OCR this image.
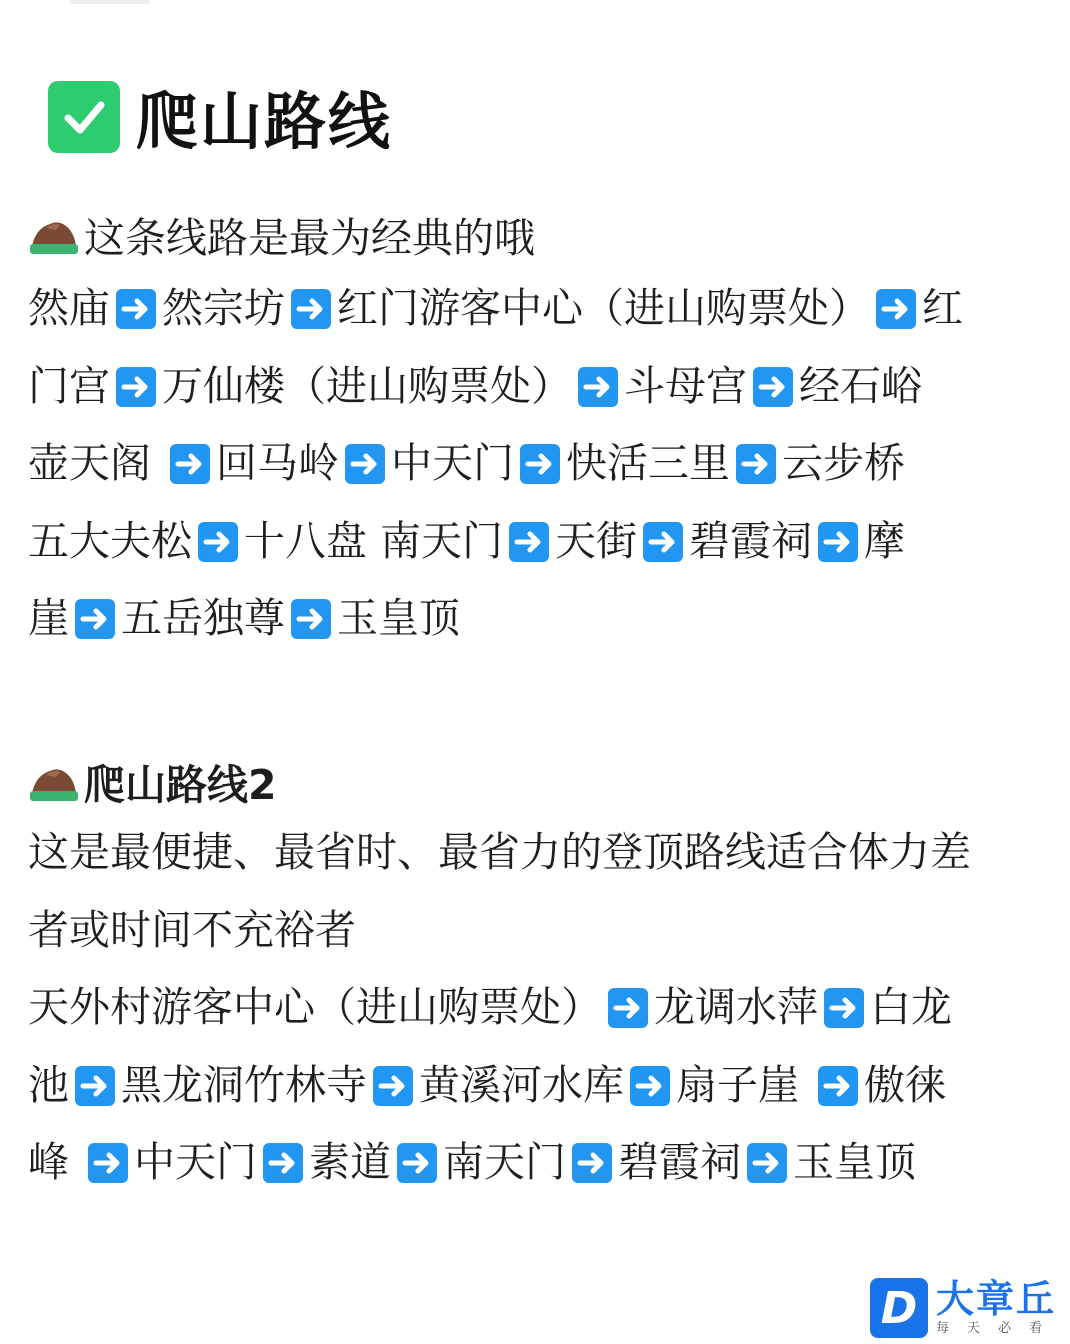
爬山路线
这条线路是最为经典的哦
然庙 然宗坊 红门游客中心（进山购票处） 红
门宫 万仙楼（进山购票处） 斗母宫 经石峪
壶天阁
回马岭 中天门 快活三里 云步桥
五大夫松 十八盘 南天门 天街 碧霞祠 摩
崖 五岳独尊 玉皇顶
爬山路线2
这是最便捷、最省时、最省力的登顶路线适合体力差
者或时间不充裕者
天外村游客中心（进山购票处） 龙调水萍 白龙
池 黑龙洞竹林寺 黄溪河水库 扇子崖
傲徕
峰
中天门 素道 南天门 碧霞祠 玉皇顶
D 大章丘
每天必看
